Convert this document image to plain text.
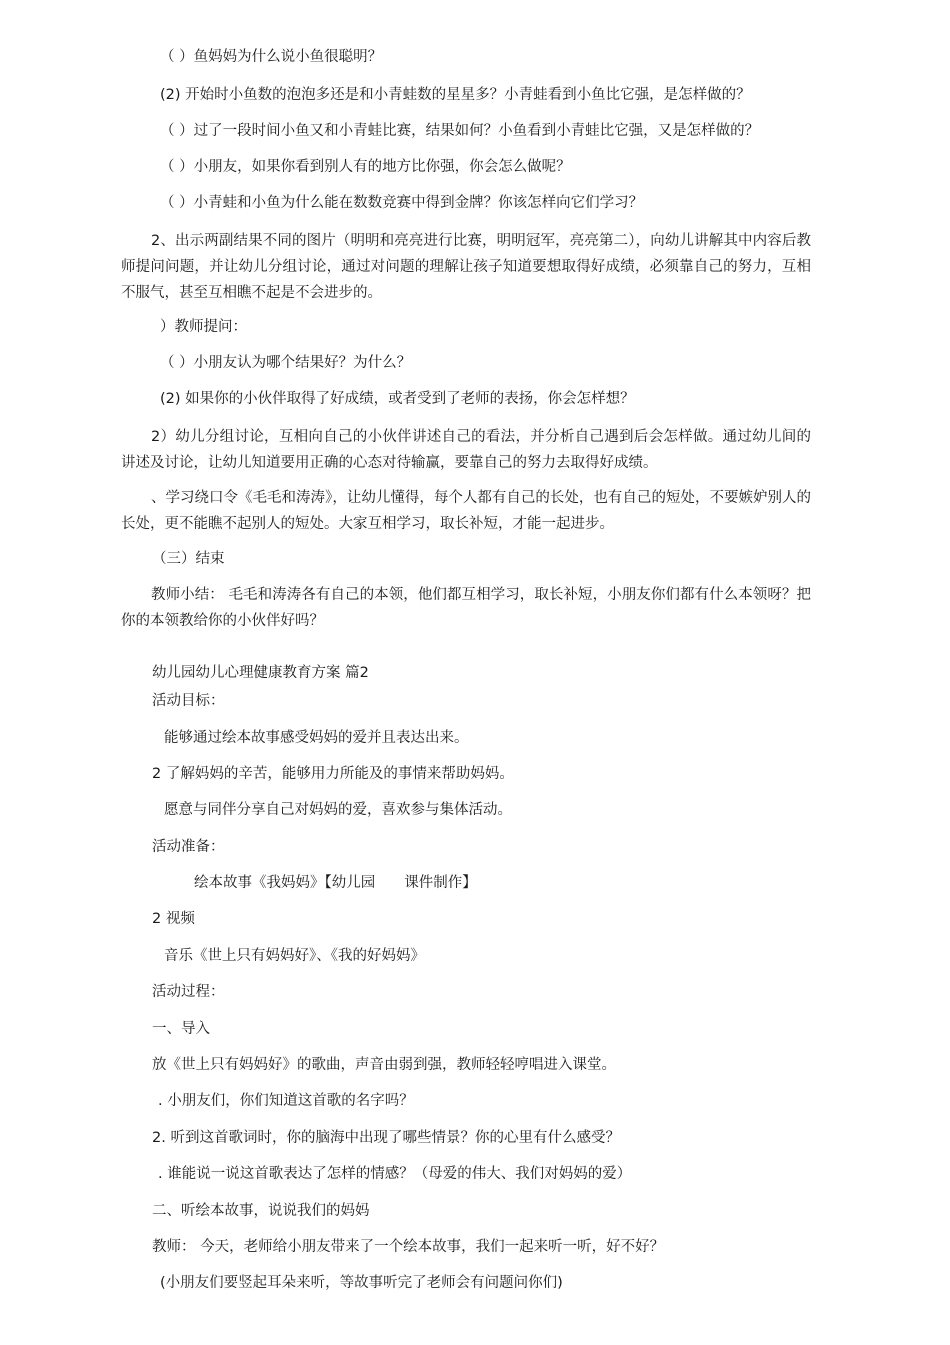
（ ）鱼妈妈为什么说小鱼很聪明？
(2) 开始时小鱼数的泡泡多还是和小青蛙数的星星多？小青蛙看到小鱼比它强，是怎样做的？
（ ）过了一段时间小鱼又和小青蛙比赛，结果如何？小鱼看到小青蛙比它强，又是怎样做的？
（ ）小朋友，如果你看到别人有的地方比你强，你会怎么做呢？
（ ）小青蛙和小鱼为什么能在数数竞赛中得到金牌？你该怎样向它们学习？
2、出示两副结果不同的图片（明明和亮亮进行比赛，明明冠军，亮亮第二），向幼儿讲解其中内容后教师提问问题，并让幼儿分组讨论，通过对问题的理解让孩子知道要想取得好成绩，必须靠自己的努力，互相不服气，甚至互相瞧不起是不会进步的。
）教师提问：
（ ）小朋友认为哪个结果好？为什么？
(2) 如果你的小伙伴取得了好成绩，或者受到了老师的表扬，你会怎样想？
2）幼儿分组讨论，互相向自己的小伙伴讲述自己的看法，并分析自己遇到后会怎样做。通过幼儿间的讲述及讨论，让幼儿知道要用正确的心态对待输赢，要靠自己的努力去取得好成绩。
、学习绕口令《毛毛和涛涛》，让幼儿懂得，每个人都有自己的长处，也有自己的短处，不要嫉妒别人的长处，更不能瞧不起别人的短处。大家互相学习，取长补短，才能一起进步。
（三）结束
教师小结： 毛毛和涛涛各有自己的本领，他们都互相学习，取长补短，小朋友你们都有什么本领呀？把你的本领教给你的小伙伴好吗？
幼儿园幼儿心理健康教育方案 篇2
活动目标：
能够通过绘本故事感受妈妈的爱并且表达出来。
2 了解妈妈的辛苦，能够用力所能及的事情来帮助妈妈。
愿意与同伴分享自己对妈妈的爱，喜欢参与集体活动。
活动准备：
绘本故事《我妈妈》【幼儿园　　课件制作】
2 视频
音乐《世上只有妈妈好》、《我的好妈妈》
活动过程：
一、导入
放《世上只有妈妈好》的歌曲，声音由弱到强，教师轻轻哼唱进入课堂。
. 小朋友们，你们知道这首歌的名字吗？
2. 听到这首歌词时，你的脑海中出现了哪些情景？你的心里有什么感受？
. 谁能说一说这首歌表达了怎样的情感？（母爱的伟大、我们对妈妈的爱）
二、听绘本故事，说说我们的妈妈
教师： 今天，老师给小朋友带来了一个绘本故事，我们一起来听一听，好不好？
(小朋友们要竖起耳朵来听，等故事听完了老师会有问题问你们)
